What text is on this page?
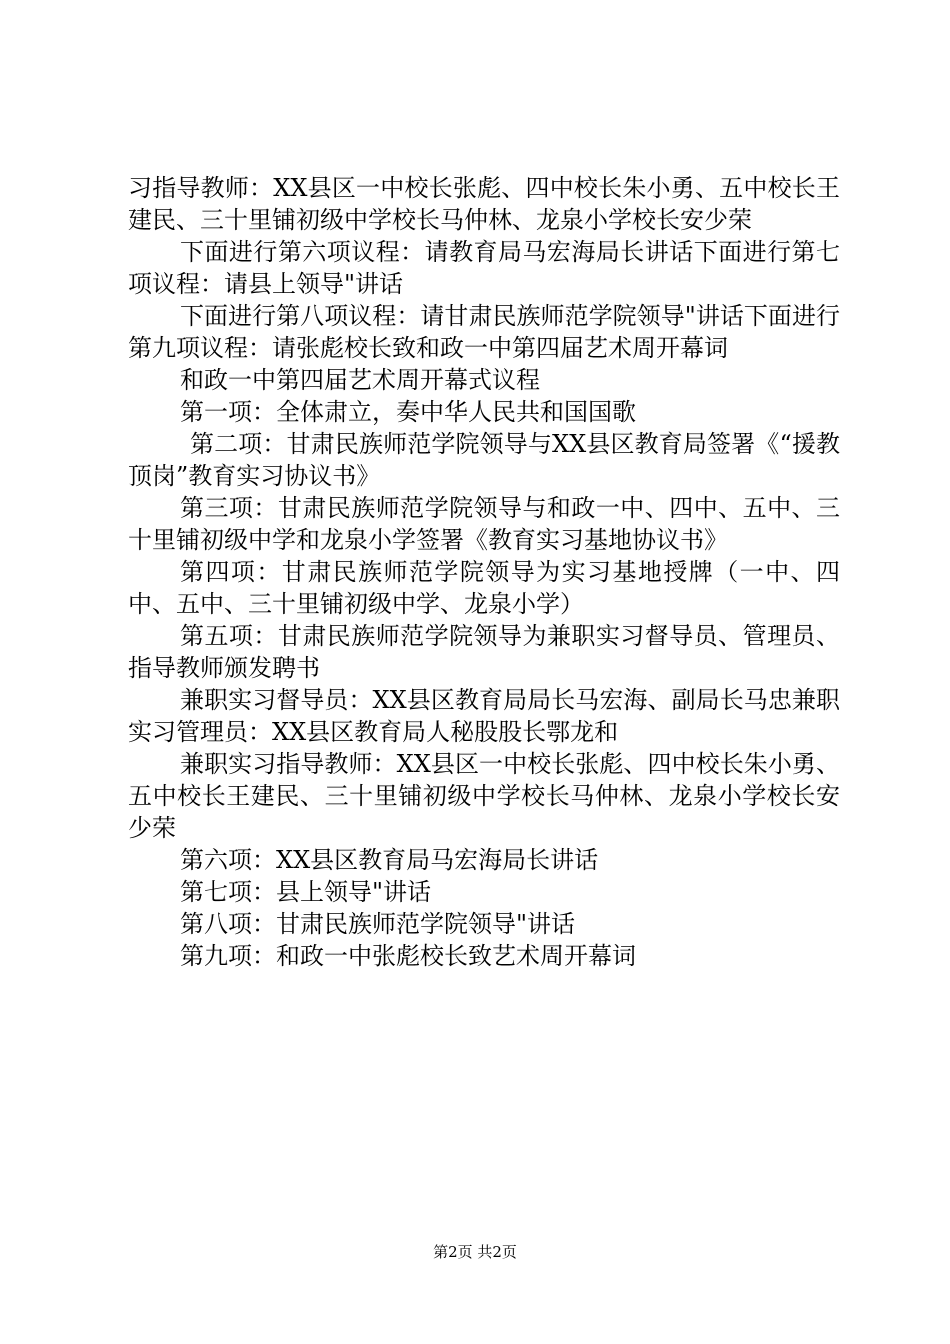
习指导教师：XX县区一中校长张彪、四中校长朱小勇、五中校长王建民、三十里铺初级中学校长马仲林、龙泉小学校长安少荣

下面进行第六项议程：请教育局马宏海局长讲话下面进行第七项议程：请县上领导"讲话

下面进行第八项议程：请甘肃民族师范学院领导"讲话下面进行第九项议程：请张彪校长致和政一中第四届艺术周开幕词

和政一中第四届艺术周开幕式议程

第一项：全体肃立，奏中华人民共和国国歌

第二项：甘肃民族师范学院领导与XX县区教育局签署《“援教顶岗”教育实习协议书》

第三项：甘肃民族师范学院领导与和政一中、四中、五中、三十里铺初级中学和龙泉小学签署《教育实习基地协议书》

第四项：甘肃民族师范学院领导为实习基地授牌（一中、四中、五中、三十里铺初级中学、龙泉小学）

第五项：甘肃民族师范学院领导为兼职实习督导员、管理员、指导教师颁发聘书

兼职实习督导员：XX县区教育局局长马宏海、副局长马忠兼职实习管理员：XX县区教育局人秘股股长鄂龙和

兼职实习指导教师：XX县区一中校长张彪、四中校长朱小勇、五中校长王建民、三十里铺初级中学校长马仲林、龙泉小学校长安少荣

第六项：XX县区教育局马宏海局长讲话

第七项：县上领导"讲话

第八项：甘肃民族师范学院领导"讲话

第九项：和政一中张彪校长致艺术周开幕词

第2页 共2页
